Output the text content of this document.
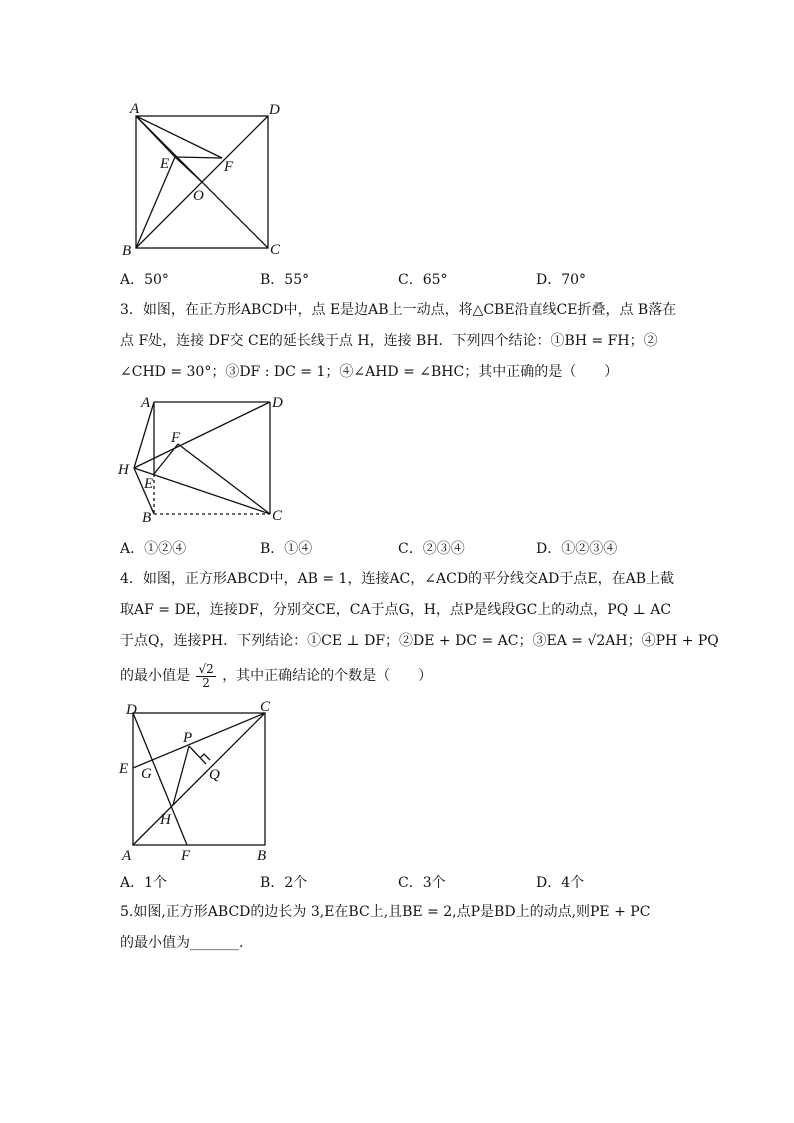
A	D
E	F
O
B	C
A．50°	B．55°	C．65°	D．70°
3．如图，在正方形ABCD中，点 E是边AB上一动点，将△CBE沿直线CE折叠，点 B落在
点 F处，连接 DF交 CE的延长线于点 H，连接 BH．下列四个结论：①BH = FH；②
∠CHD = 30°；③DF : DC = 1；④∠AHD = ∠BHC；其中正确的是（　　）
A	D
F
H
E
B	C
A．①②④	B．①④	C．②③④	D．①②③④
4．如图，正方形ABCD中，AB = 1，连接AC，∠ACD的平分线交AD于点E，在AB上截
取AF = DE，连接DF，分别交CE，CA于点G，H，点P是线段GC上的动点，PQ ⊥ AC
于点Q，连接PH．下列结论：①CE ⊥ DF；②DE + DC = AC；③EA = √2AH；④PH + PQ
的最小值是 $\frac{√2}{2}$ ，其中正确结论的个数是（　　）
D	C
P
E G	Q
H
A	F	B
A．1个	B．2个	C．3个	D．4个
5.如图,正方形ABCD的边长为 3,E在BC上,且BE = 2,点P是BD上的动点,则PE + PC
的最小值为_______.
